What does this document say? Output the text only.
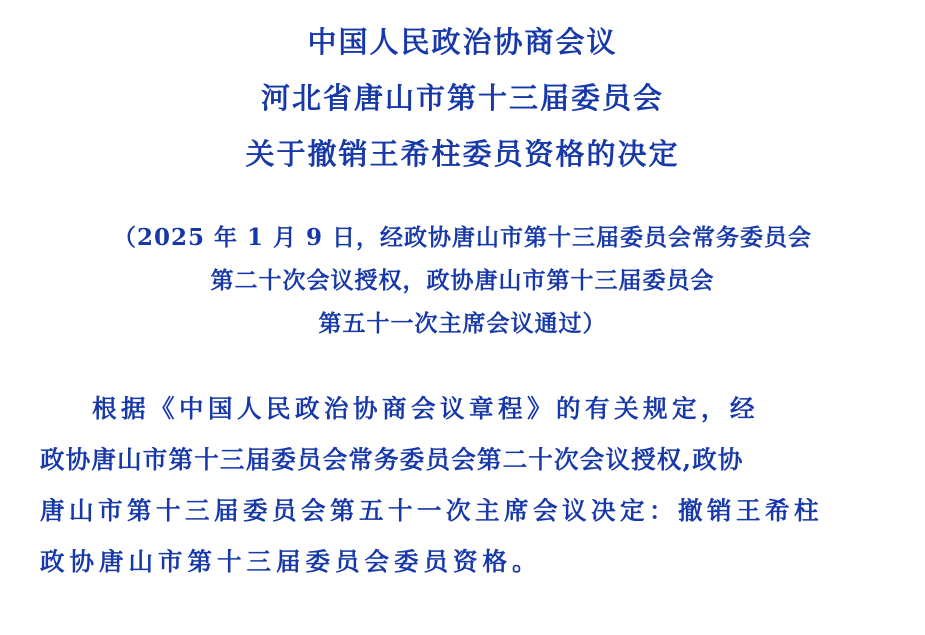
中国人民政治协商会议
河北省唐山市第十三届委员会
关于撤销王希柱委员资格的决定
（2025 年 1 月 9 日，经政协唐山市第十三届委员会常务委员会
第二十次会议授权，政协唐山市第十三届委员会
第五十一次主席会议通过）
根据《中国人民政治协商会议章程》的有关规定，经
政协唐山市第十三届委员会常务委员会第二十次会议授权,政协
唐山市第十三届委员会第五十一次主席会议决定：撤销王希柱
政协唐山市第十三届委员会委员资格。
